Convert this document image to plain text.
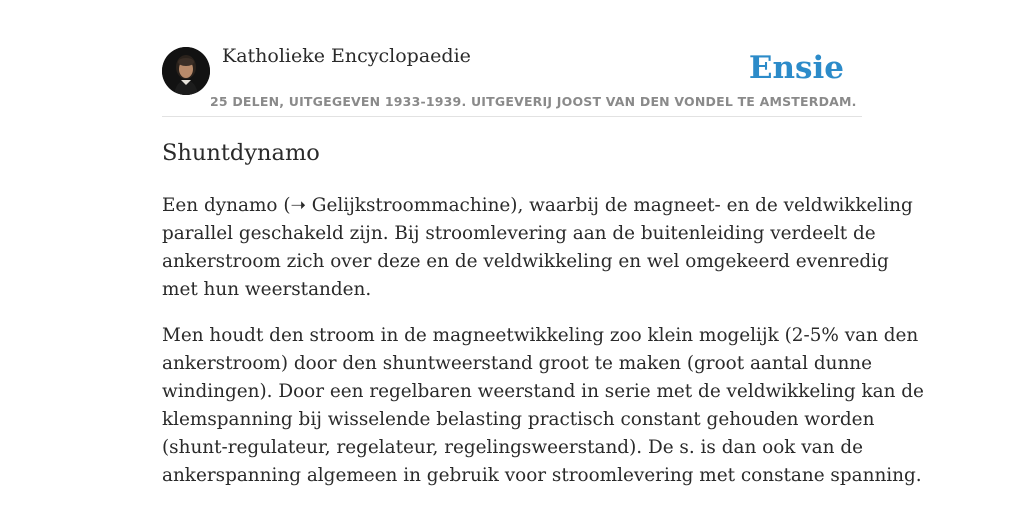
Katholieke Encyclopaedie
25 DELEN, UITGEGEVEN 1933-1939. UITGEVERIJ JOOST VAN DEN VONDEL TE AMSTERDAM.
Ensie
Shuntdynamo

Een dynamo (➝ Gelijkstroommachine), waarbij de magneet- en de veldwikkeling
parallel geschakeld zijn. Bij stroomlevering aan de buitenleiding verdeelt de
ankerstroom zich over deze en de veldwikkeling en wel omgekeerd evenredig
met hun weerstanden.

Men houdt den stroom in de magneetwikkeling zoo klein mogelijk (2-5% van den
ankerstroom) door den shuntweerstand groot te maken (groot aantal dunne
windingen). Door een regelbaren weerstand in serie met de veldwikkeling kan de
klemspanning bij wisselende belasting practisch constant gehouden worden
(shunt-regulateur, regelateur, regelingsweerstand). De s. is dan ook van de
ankerspanning algemeen in gebruik voor stroomlevering met constane spanning.
